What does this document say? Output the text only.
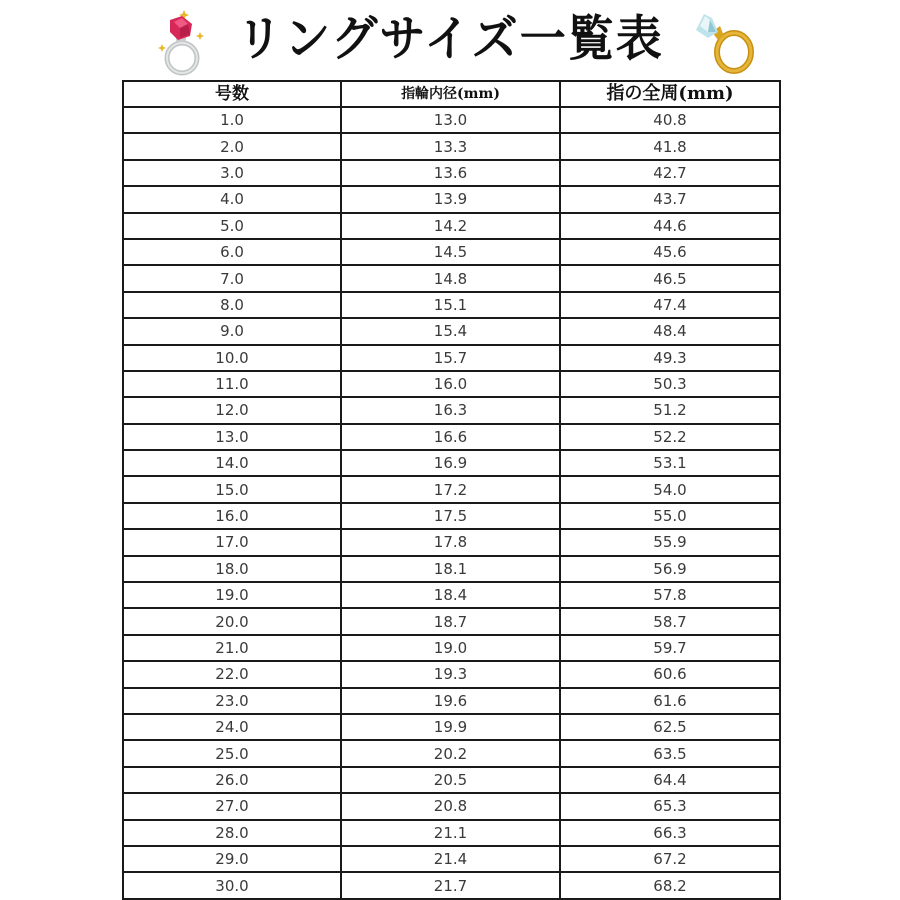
リングサイズ一覧表
号数	指輪内径(mm)	指の全周(mm)
1.0	13.0	40.8
2.0	13.3	41.8
3.0	13.6	42.7
4.0	13.9	43.7
5.0	14.2	44.6
6.0	14.5	45.6
7.0	14.8	46.5
8.0	15.1	47.4
9.0	15.4	48.4
10.0	15.7	49.3
11.0	16.0	50.3
12.0	16.3	51.2
13.0	16.6	52.2
14.0	16.9	53.1
15.0	17.2	54.0
16.0	17.5	55.0
17.0	17.8	55.9
18.0	18.1	56.9
19.0	18.4	57.8
20.0	18.7	58.7
21.0	19.0	59.7
22.0	19.3	60.6
23.0	19.6	61.6
24.0	19.9	62.5
25.0	20.2	63.5
26.0	20.5	64.4
27.0	20.8	65.3
28.0	21.1	66.3
29.0	21.4	67.2
30.0	21.7	68.2
